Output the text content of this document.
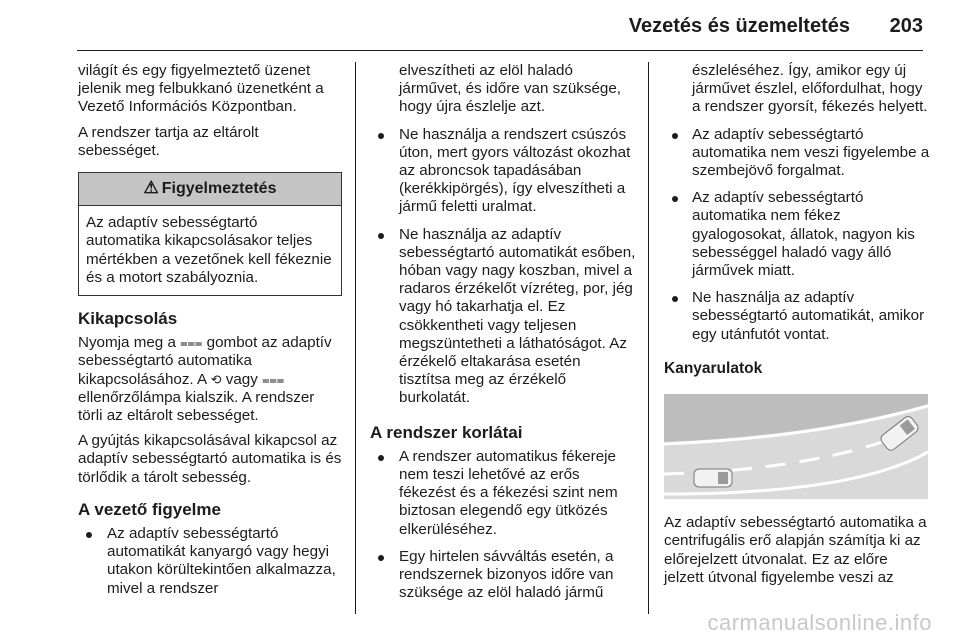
Vezetés és üzemeltetés 203

világít és egy figyelmeztető üzenet jelenik meg felbukkanó üzenetként a Vezető Információs Központban.

A rendszer tartja az eltárolt sebességet.

⚠ Figyelmeztetés
Az adaptív sebességtartó automatika kikapcsolásakor teljes mértékben a vezetőnek kell fékeznie és a motort szabályoznia.
Kikapcsolás

Nyomja meg a ⩶ gombot az adaptív sebességtartó automatika kikapcsolásához. A ⟲ vagy ⩶ ellenőrzőlámpa kialszik. A rendszer törli az eltárolt sebességet.

A gyújtás kikapcsolásával kikapcsol az adaptív sebességtartó automatika is és törlődik a tárolt sebesség.

A vezető figyelme
Az adaptív sebességtartó automatikát kanyargó vagy hegyi utakon körültekintően alkalmazza, mivel a rendszer
elveszítheti az elöl haladó járművet, és időre van szüksége, hogy újra észlelje azt.
Ne használja a rendszert csúszós úton, mert gyors változást okozhat az abroncsok tapadásában (kerékkipörgés), így elveszítheti a jármű feletti uralmat.
Ne használja az adaptív sebességtartó automatikát esőben, hóban vagy nagy koszban, mivel a radaros érzékelőt vízréteg, por, jég vagy hó takarhatja el. Ez csökkentheti vagy teljesen megszüntetheti a láthatóságot. Az érzékelő eltakarása esetén tisztítsa meg az érzékelő burkolatát.
A rendszer korlátai
A rendszer automatikus fékereje nem teszi lehetővé az erős fékezést és a fékezési szint nem biztosan elegendő egy ütközés elkerüléséhez.
Egy hirtelen sávváltás esetén, a rendszernek bizonyos időre van szüksége az elöl haladó jármű
észleléséhez. Így, amikor egy új járművet észlel, előfordulhat, hogy a rendszer gyorsít, fékezés helyett.
Az adaptív sebességtartó automatika nem veszi figyelembe a szembejövő forgalmat.
Az adaptív sebességtartó automatika nem fékez gyalogosokat, állatok, nagyon kis sebességgel haladó vagy álló járművek miatt.
Ne használja az adaptív sebességtartó automatikát, amikor egy utánfutót vontat.
Kanyarulatok

Az adaptív sebességtartó automatika a centrifugális erő alapján számítja ki az előrejelzett útvonalat. Ez az előre jelzett útvonal figyelembe veszi az

carmanualsonline.info
